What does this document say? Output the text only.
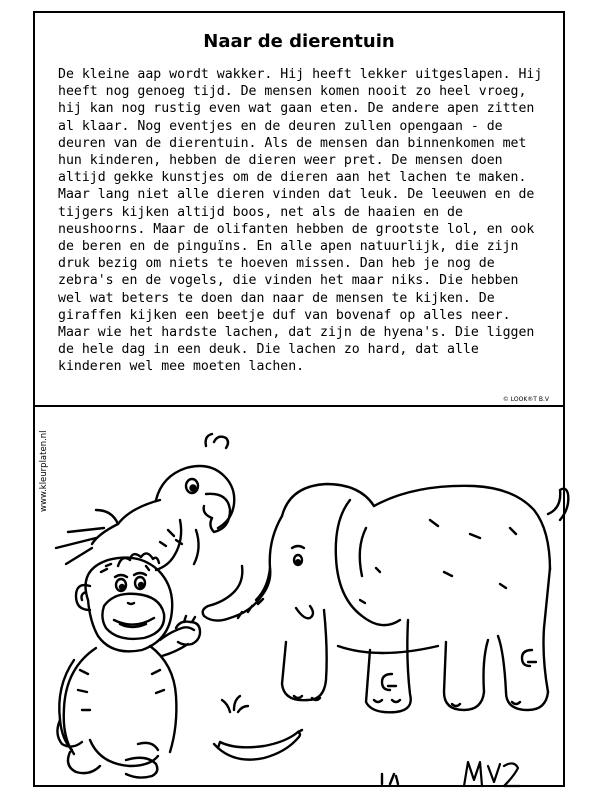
Naar de dierentuin

De kleine aap wordt wakker. Hij heeft lekker uitgeslapen. Hij heeft nog genoeg tijd. De mensen komen nooit zo heel vroeg, hij kan nog rustig even wat gaan eten. De andere apen zitten al klaar. Nog eventjes en de deuren zullen opengaan - de deuren van de dierentuin. Als de mensen dan binnenkomen met hun kinderen, hebben de dieren weer pret. De mensen doen altijd gekke kunstjes om de dieren aan het lachen te maken. Maar lang niet alle dieren vinden dat leuk. De leeuwen en de tijgers kijken altijd boos, net als de haaien en de neushoorns. Maar de olifanten hebben de grootste lol, en ook de beren en de pinguïns. En alle apen natuurlijk, die zijn druk bezig om niets te hoeven missen. Dan heb je nog de zebra's en de vogels, die vinden het maar niks. Die hebben wel wat beters te doen dan naar de mensen te kijken. De giraffen kijken een beetje duf van bovenaf op alles neer. Maar wie het hardste lachen, dat zijn de hyena's. Die liggen de hele dag in een deuk. Die lachen zo hard, dat alle kinderen wel mee moeten lachen.

© LOOK®T B.V
www.kleurplaten.nl
